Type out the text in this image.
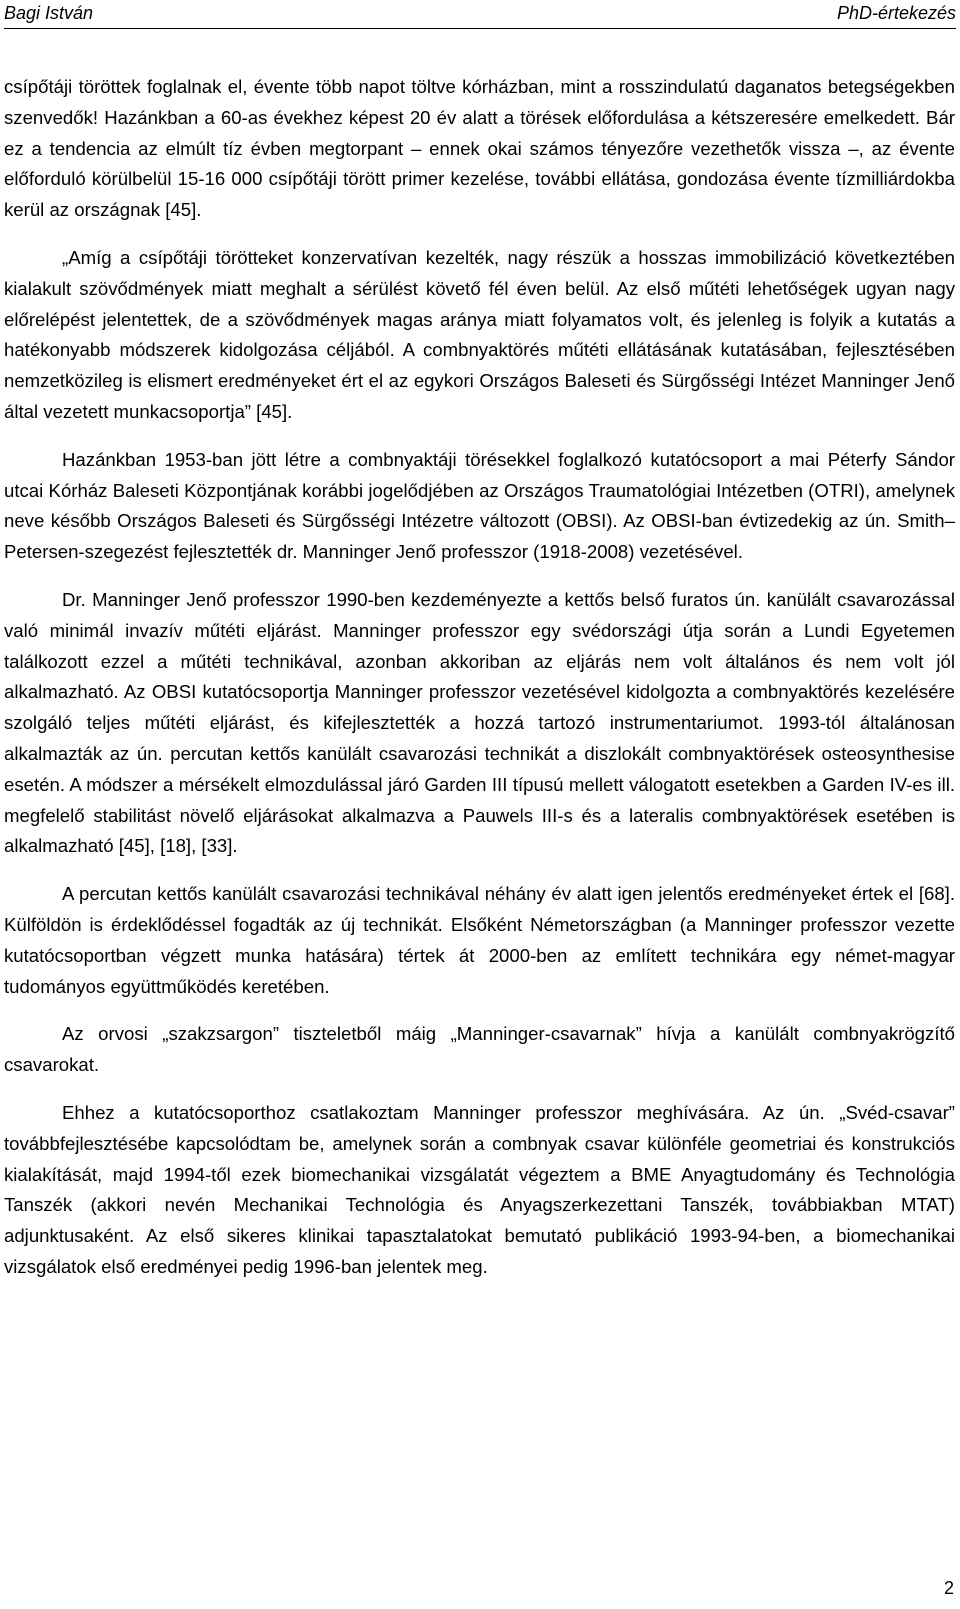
Bagi István	PhD-értekezés

csípőtáji töröttek foglalnak el, évente több napot töltve kórházban, mint a rosszindulatú daganatos betegségekben szenvedők! Hazánkban a 60-as évekhez képest 20 év alatt a törések előfordulása a kétszeresére emelkedett. Bár ez a tendencia az elmúlt tíz évben megtorpant – ennek okai számos tényezőre vezethetők vissza –, az évente előforduló körülbelül 15-16 000 csípőtáji törött primer kezelése, további ellátása, gondozása évente tízmilliárdokba kerül az országnak [45].

„Amíg a csípőtáji törötteket konzervatívan kezelték, nagy részük a hosszas immobilizáció következtében kialakult szövődmények miatt meghalt a sérülést követő fél éven belül. Az első műtéti lehetőségek ugyan nagy előrelépést jelentettek, de a szövődmények magas aránya miatt folyamatos volt, és jelenleg is folyik a kutatás a hatékonyabb módszerek kidolgozása céljából. A combnyaktörés műtéti ellátásának kutatásában, fejlesztésében nemzetközileg is elismert eredményeket ért el az egykori Országos Baleseti és Sürgősségi Intézet Manninger Jenő által vezetett munkacsoportja” [45].

Hazánkban 1953-ban jött létre a combnyaktáji törésekkel foglalkozó kutatócsoport a mai Péterfy Sándor utcai Kórház Baleseti Központjának korábbi jogelődjében az Országos Traumatológiai Intézetben (OTRI), amelynek neve később Országos Baleseti és Sürgősségi Intézetre változott (OBSI). Az OBSI-ban évtizedekig az ún. Smith–Petersen-szegezést fejlesztették dr. Manninger Jenő professzor (1918-2008) vezetésével.

Dr. Manninger Jenő professzor 1990-ben kezdeményezte a kettős belső furatos ún. kanülált csavarozással való minimál invazív műtéti eljárást. Manninger professzor egy svédországi útja során a Lundi Egyetemen találkozott ezzel a műtéti technikával, azonban akkoriban az eljárás nem volt általános és nem volt jól alkalmazható. Az OBSI kutatócsoportja Manninger professzor vezetésével kidolgozta a combnyaktörés kezelésére szolgáló teljes műtéti eljárást, és kifejlesztették a hozzá tartozó instrumentariumot. 1993-tól általánosan alkalmazták az ún. percutan kettős kanülált csavarozási technikát a diszlokált combnyaktörések osteosynthesise esetén. A módszer a mérsékelt elmozdulással járó Garden III típusú mellett válogatott esetekben a Garden IV-es ill. megfelelő stabilitást növelő eljárásokat alkalmazva a Pauwels III-s és a lateralis combnyaktörések esetében is alkalmazható [45], [18], [33].

A percutan kettős kanülált csavarozási technikával néhány év alatt igen jelentős eredményeket értek el [68]. Külföldön is érdeklődéssel fogadták az új technikát. Elsőként Németországban (a Manninger professzor vezette kutatócsoportban végzett munka hatására) tértek át 2000-ben az említett technikára egy német-magyar tudományos együttműködés keretében.

Az orvosi „szakzsargon” tiszteletből máig „Manninger-csavarnak” hívja a kanülált combnyakrögzítő csavarokat.

Ehhez a kutatócsoporthoz csatlakoztam Manninger professzor meghívására. Az ún. „Svéd-csavar” továbbfejlesztésébe kapcsolódtam be, amelynek során a combnyak csavar különféle geometriai és konstrukciós kialakítását, majd 1994-től ezek biomechanikai vizsgálatát végeztem a BME Anyagtudomány és Technológia Tanszék (akkori nevén Mechanikai Technológia és Anyagszerkezettani Tanszék, továbbiakban MTAT) adjunktusaként. Az első sikeres klinikai tapasztalatokat bemutató publikáció 1993-94-ben, a biomechanikai vizsgálatok első eredményei pedig 1996-ban jelentek meg.

2
